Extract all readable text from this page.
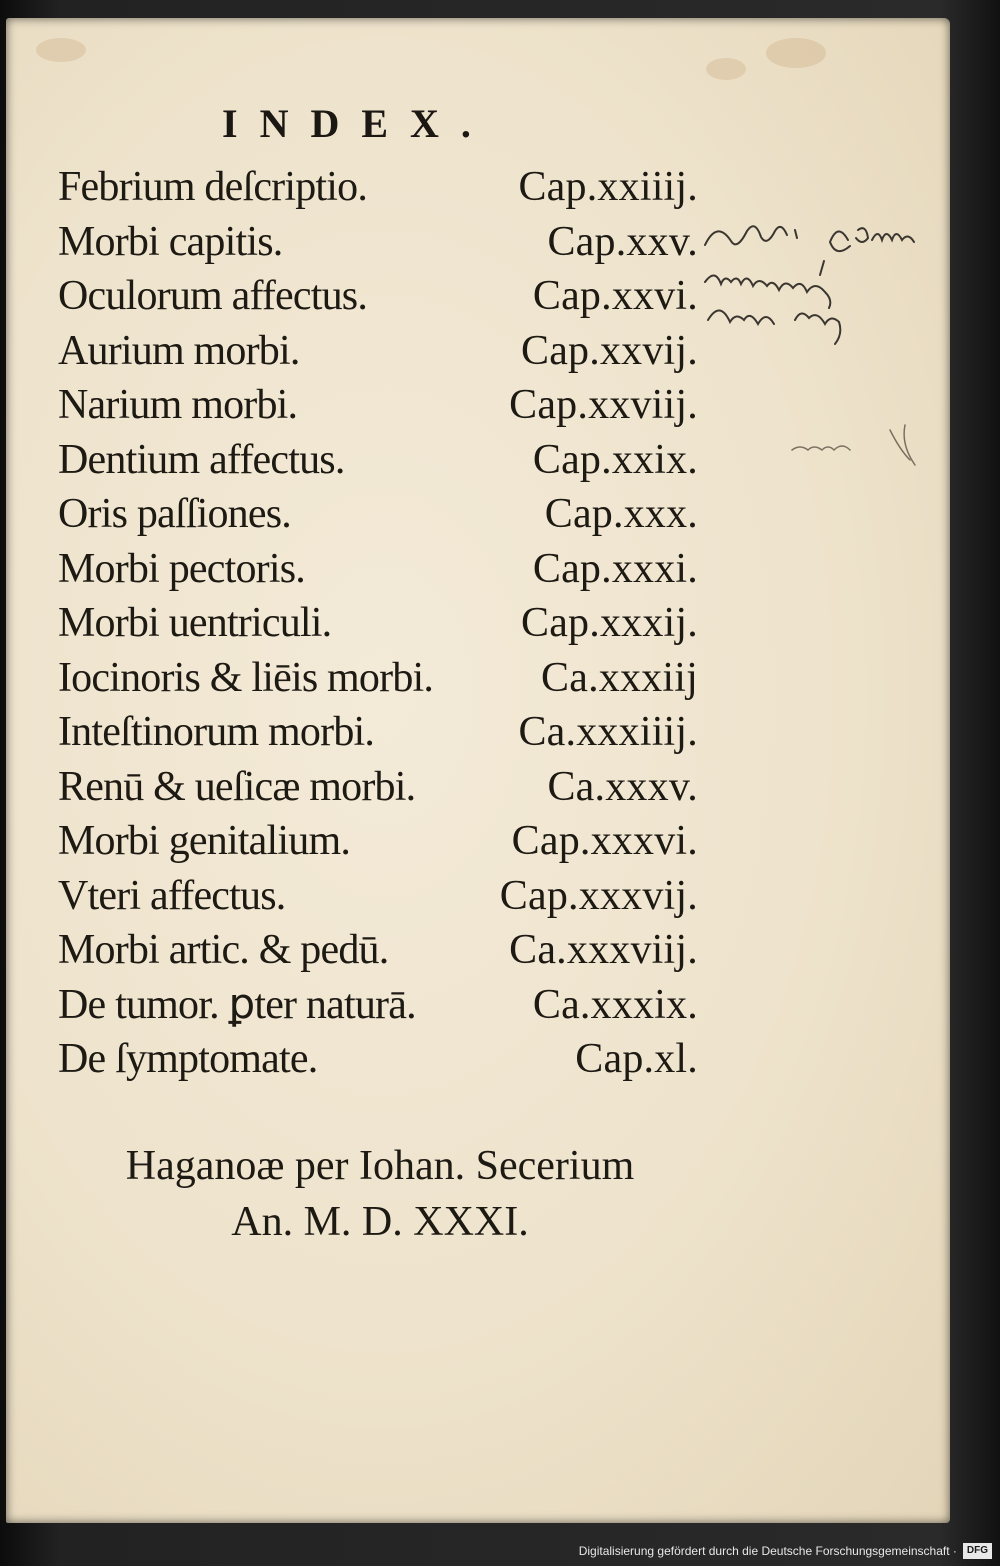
INDEX.
Febrium deſcriptio.	Cap.xxiiij.
Morbi capitis.	Cap.xxv.
Oculorum affectus.	Cap.xxvi.
Aurium morbi.	Cap.xxvij.
Narium morbi.	Cap.xxviij.
Dentium affectus.	Cap.xxix.
Oris paſſiones.	Cap.xxx.
Morbi pectoris.	Cap.xxxi.
Morbi uentriculi.	Cap.xxxij.
Iocinoris & liēis morbi.	Ca.xxxiij
Inteſtinorum morbi.	Ca.xxxiiij.
Renū & ueſicæ morbi.	Ca.xxxv.
Morbi genitalium.	Cap.xxxvi.
Vteri affectus.	Cap.xxxvij.
Morbi artic. & pedū.	Ca.xxxviij.
De tumor. ꝑter naturā.	Ca.xxxix.
De ſymptomate.	Cap.xl.
Haganoæ per Iohan. Secerium
An. M. D. XXXI.
Digitalisierung gefördert durch die Deutsche Forschungsgemeinschaft ·	DFG
